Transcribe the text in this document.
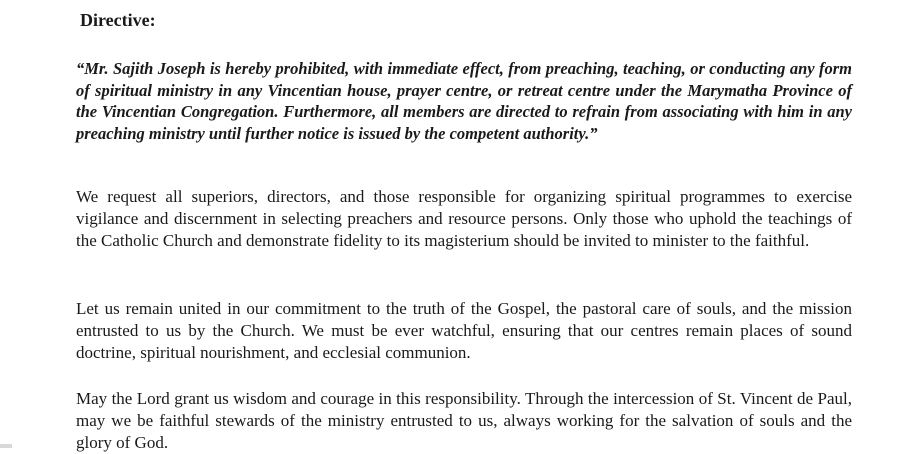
Directive:

“Mr. Sajith Joseph is hereby prohibited, with immediate effect, from preaching, teaching, or conducting any form of spiritual ministry in any Vincentian house, prayer centre, or retreat centre under the Marymatha Province of the Vincentian Congregation. Furthermore, all members are directed to refrain from associating with him in any preaching ministry until further notice is issued by the competent authority.”

We request all superiors, directors, and those responsible for organizing spiritual programmes to exercise vigilance and discernment in selecting preachers and resource persons. Only those who uphold the teachings of the Catholic Church and demonstrate fidelity to its magisterium should be invited to minister to the faithful.

Let us remain united in our commitment to the truth of the Gospel, the pastoral care of souls, and the mission entrusted to us by the Church. We must be ever watchful, ensuring that our centres remain places of sound doctrine, spiritual nourishment, and ecclesial communion.

May the Lord grant us wisdom and courage in this responsibility. Through the intercession of St. Vincent de Paul, may we be faithful stewards of the ministry entrusted to us, always working for the salvation of souls and the glory of God.
